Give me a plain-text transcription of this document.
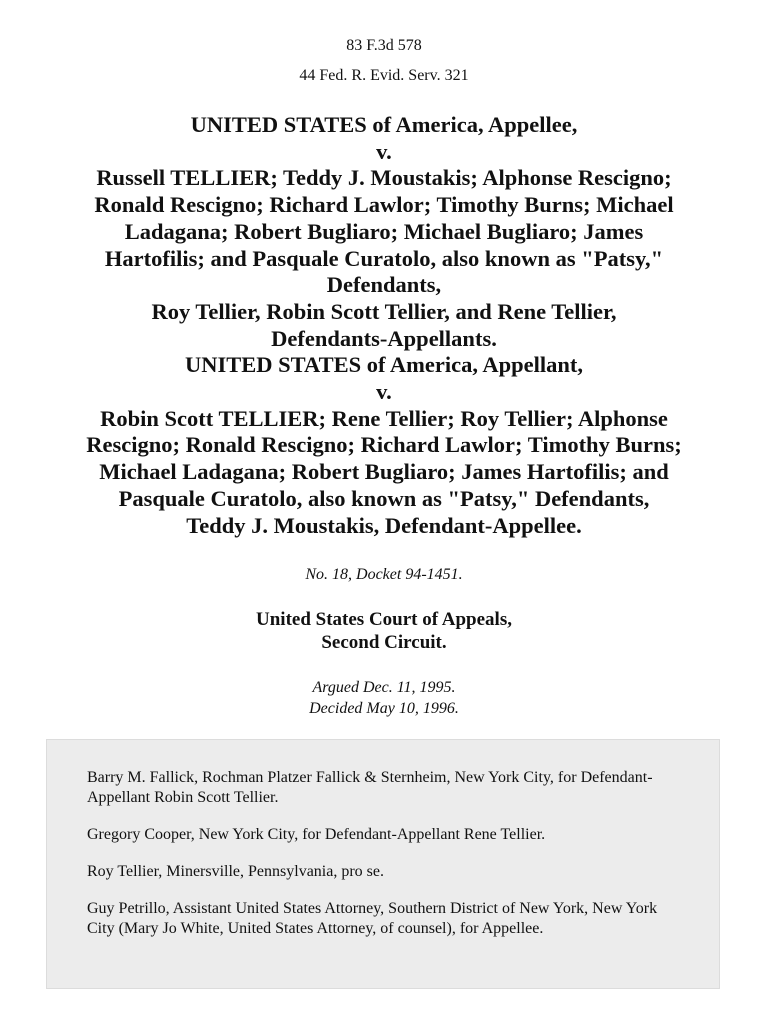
83 F.3d 578
44 Fed. R. Evid. Serv. 321
UNITED STATES of America, Appellee,
v.
Russell TELLIER; Teddy J. Moustakis; Alphonse Rescigno;
Ronald Rescigno; Richard Lawlor; Timothy Burns; Michael
Ladagana; Robert Bugliaro; Michael Bugliaro; James
Hartofilis; and Pasquale Curatolo, also known as "Patsy,"
Defendants,
Roy Tellier, Robin Scott Tellier, and Rene Tellier,
Defendants-Appellants.
UNITED STATES of America, Appellant,
v.
Robin Scott TELLIER; Rene Tellier; Roy Tellier; Alphonse
Rescigno; Ronald Rescigno; Richard Lawlor; Timothy Burns;
Michael Ladagana; Robert Bugliaro; James Hartofilis; and
Pasquale Curatolo, also known as "Patsy," Defendants,
Teddy J. Moustakis, Defendant-Appellee.
No. 18, Docket 94-1451.
United States Court of Appeals,
Second Circuit.
Argued Dec. 11, 1995.
Decided May 10, 1996.

Barry M. Fallick, Rochman Platzer Fallick & Sternheim, New York City, for Defendant-Appellant Robin Scott Tellier.

Gregory Cooper, New York City, for Defendant-Appellant Rene Tellier.

Roy Tellier, Minersville, Pennsylvania, pro se.

Guy Petrillo, Assistant United States Attorney, Southern District of New York, New York City (Mary Jo White, United States Attorney, of counsel), for Appellee.
